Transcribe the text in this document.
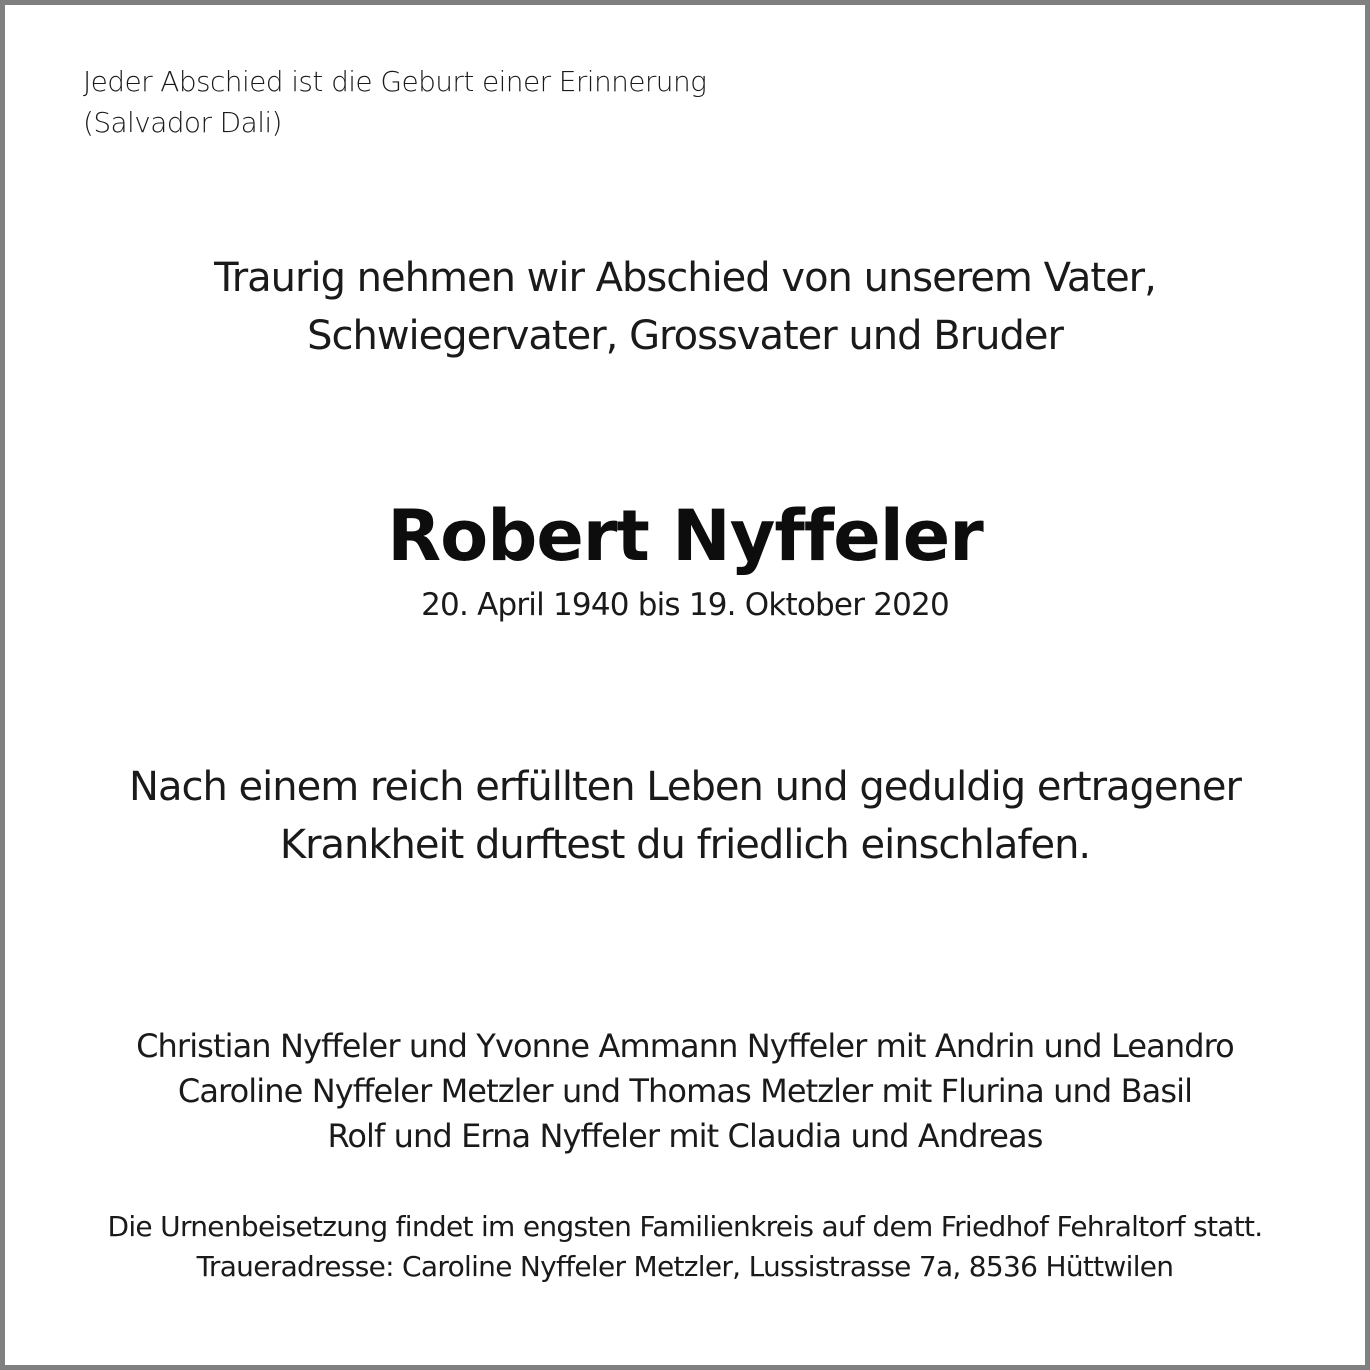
Jeder Abschied ist die Geburt einer Erinnerung
(Salvador Dali)
Traurig nehmen wir Abschied von unserem Vater,
Schwiegervater, Grossvater und Bruder
Robert Nyffeler
20. April 1940 bis 19. Oktober 2020
Nach einem reich erfüllten Leben und geduldig ertragener
Krankheit durftest du friedlich einschlafen.
Christian Nyffeler und Yvonne Ammann Nyffeler mit Andrin und Leandro
Caroline Nyffeler Metzler und Thomas Metzler mit Flurina und Basil
Rolf und Erna Nyffeler mit Claudia und Andreas
Die Urnenbeisetzung findet im engsten Familienkreis auf dem Friedhof Fehraltorf statt.
Traueradresse: Caroline Nyffeler Metzler, Lussistrasse 7a, 8536 Hüttwilen
